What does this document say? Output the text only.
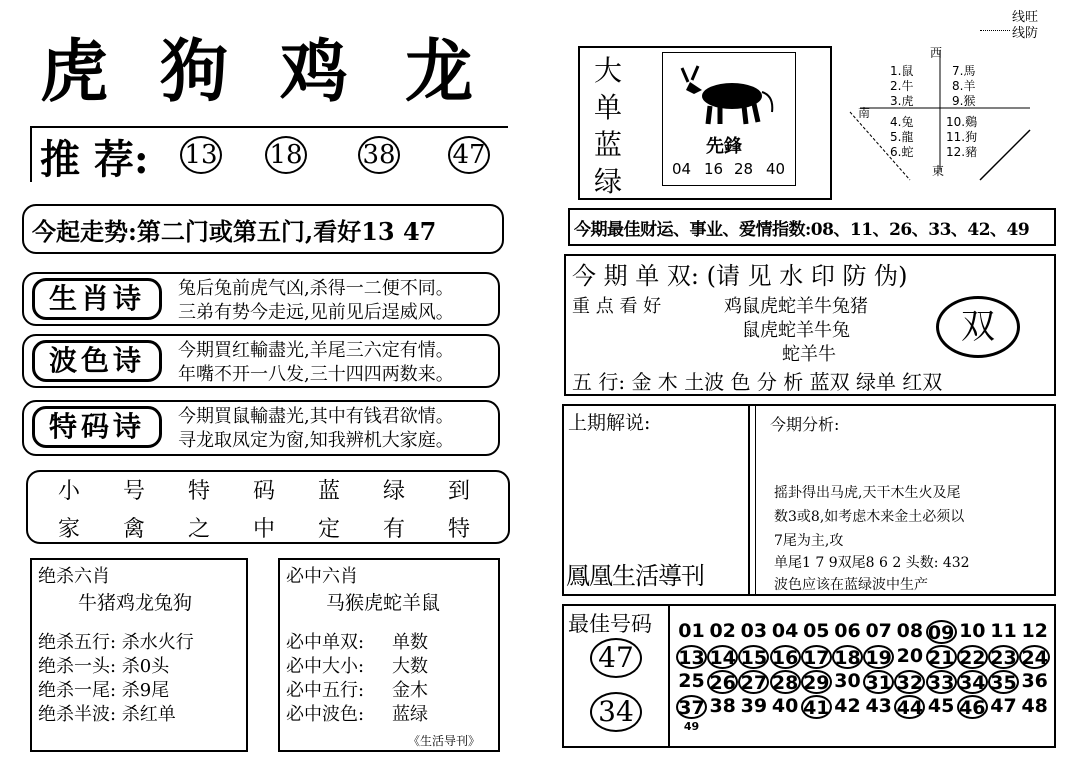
虎 狗 鸡 龙
推 荐: 13 18 38 47
今起走势:第二门或第五门,看好13 47
生肖诗	兔后兔前虎气凶,杀得一二便不同。
三弟有势今走远,见前见后逞威风。
波色诗	今期買红輸盡光,羊尾三六定有情。
年嘴不开一八发,三十四四两数来。
特码诗	今期買鼠輸盡光,其中有钱君欲情。
寻龙取凤定为窗,知我辨机大家庭。
小 号 特 码 蓝 绿 到
家 禽 之 中 定 有 特
绝杀六肖
牛猪鸡龙兔狗
绝杀五行: 杀水火行
绝杀一头: 杀0头
绝杀一尾: 杀9尾
绝杀半波: 杀红单
必中六肖
马猴虎蛇羊鼠
必中单双: 单数
必中大小: 大数
必中五行: 金木
必中波色: 蓝绿
《生活导刊》
线旺
线防
大
单
蓝
绿
先鋒
04 16 28 40
西
南
東
1.鼠
2.牛
3.虎
4.兔
5.龍
6.蛇
7.馬
8.羊
9.猴
10.鷄
11.狗
12.豬
今期最佳财运、事业、爱情指数:08、11、26、33、42、49
今 期 单 双: (请 见 水 印 防 伪)
重 点 看 好	鸡鼠虎蛇羊牛兔猪
鼠虎蛇羊牛兔
蛇羊牛
双
五 行: 金 木 土波 色 分 析 蓝双 绿单 红双
上期解说:	今期分析:
摇卦得出马虎,天干木生火及尾
数3或8,如考虑木来金土必须以
7尾为主,攻
单尾1 7 9双尾8 6 2 头数: 432
波色应该在蓝绿波中生产
鳳凰生活導刊
最佳号码
47
34
01 02 03 04 05 06 07 08 09 10 11 12
13 14 15 16 17 18 19 20 21 22 23 24
25 26 27 28 29 30 31 32 33 34 35 36
37 38 39 40 41 42 43 44 45 46 47 48
49
